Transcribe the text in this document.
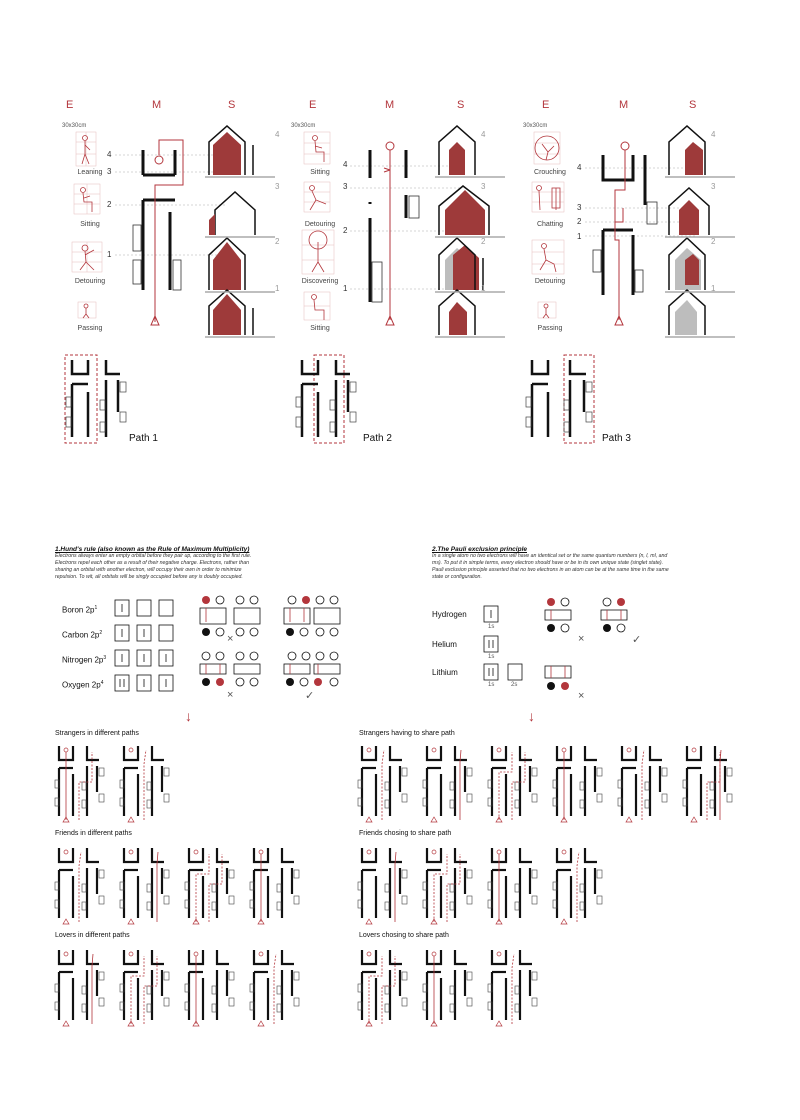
E	M	S	E	M	S	E	M	S
30x30cm	30x30cm	30x30cm
Leaning
Sitting
Detouring
Passing
4
3
2
1
4
3
2
1
Path 1
Sitting
Detouring
Discovering
Sitting
4
3
2
1
4
3
2
1
Path 2
Crouching
Chatting
Detouring
Passing
4
3
2
1
4
3
2
1
Path 3
1.Hund's rule (also known as the Rule of Maximum Multiplicity)
Electrons always enter an empty orbital before they pair up, according to the first rule.
Electrons repel each other as a result of their negative charge. Electrons, rather than
sharing an orbital with another electron, will occupy their own in order to minimize
repulsion. To wit, all orbitals will be singly occupied before any is doubly occupied.
Boron $2p^1$
Carbon $2p^2$
Nitrogen $2p^3$
Oxygen $2p^4$
×
×	✓
2.The Pauli exclusion principle
In a single atom no two electrons will have an identical set or the same quantum numbers (n, l, ml, and
ms). To put it in simple terms, every electron should have or be in its own unique state (singlet state).
Pauli exclusion principle asserted that no two electrons in an atom can be at the same time in the same
state or configuration.
Hydrogen
Helium
Lithium
1s
1s
1s	2s
×	✓
×
↓	↓
Strangers in different paths
Friends in different paths
Lovers in different paths
Strangers having to share path
Friends chosing to share path
Lovers chosing to share path
